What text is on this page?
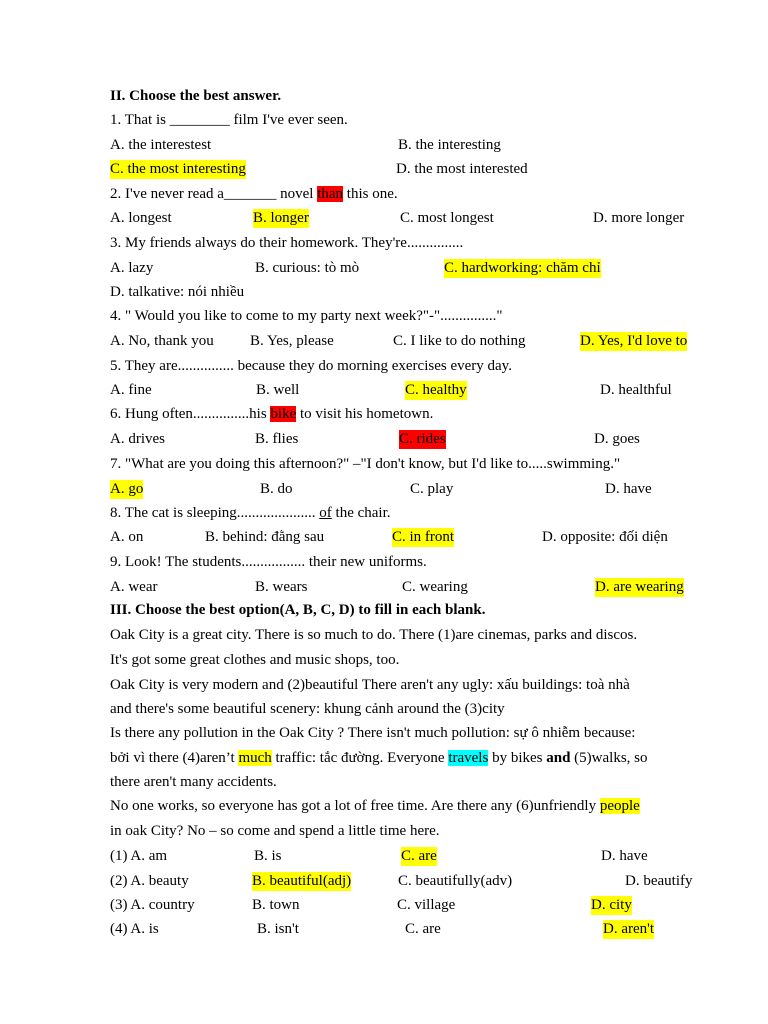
II. Choose the best answer.
1. That is ________ film I've ever seen.
A. the interestest	B. the interesting
C. the most interesting	D. the most interested
2. I've never read a_______ novel than this one.
A. longest	B. longer	C. most longest	D. more longer
3. My friends always do their homework. They're...............
A. lazy	B. curious: tò mò	C. hardworking: chăm chỉ
D. talkative: nói nhiều
4. " Would you like to come to my party next week?"-"..............."
A. No, thank you B. Yes, please	C. I like to do nothing	D. Yes, I'd love to
5. They are............... because they do morning exercises every day.
A. fine	B. well	C. healthy	D. healthful
6. Hung often...............his bike to visit his hometown.
A. drives	B. flies	C. rides	D. goes
7. "What are you doing this afternoon?" –"I don't know, but I'd like to.....swimming."
A. go	B. do	C. play	D. have
8. The cat is sleeping..................... of the chair.
A. on	B. behind: đằng sau	C. in front	D. opposite: đối diện
9. Look! The students................. their new uniforms.
A. wear	B. wears	C. wearing	D. are wearing
III. Choose the best option(A, B, C, D) to fill in each blank.
Oak City is a great city. There is so much to do. There (1)are cinemas, parks and discos.
It's got some great clothes and music shops, too.
Oak City is very modern and (2)beautiful There aren't any ugly: xấu buildings: toà nhà
and there's some beautiful scenery: khung cảnh around the (3)city
Is there any pollution in the Oak City ? There isn't much pollution: sự ô nhiễm because:
bởi vì there (4)aren’t much traffic: tắc đường. Everyone travels by bikes and (5)walks, so
there aren't many accidents.
No one works, so everyone has got a lot of free time. Are there any (6)unfriendly people
in oak City? No – so come and spend a little time here.
(1) A. am	B. is	C. are	D. have
(2) A. beauty	B. beautiful(adj)	C. beautifully(adv)	D. beautify
(3) A. country	B. town	C. village	D. city
(4) A. is	B. isn't	C. are	D. aren't
